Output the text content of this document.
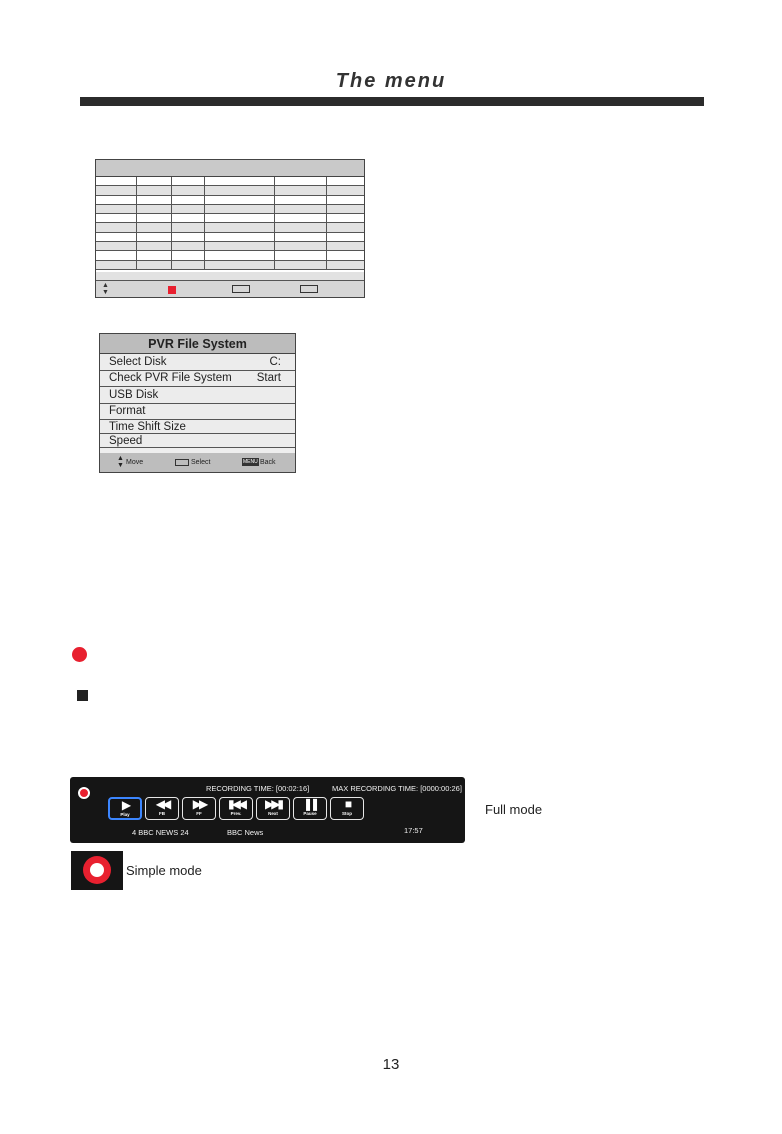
The menu
▲
▼
PVR File System
Select Disk	C:
Check PVR File System Start
USB Disk
Format
Time Shift Size
Speed
▲
▼ Move	Select	MENU Back
RECORDING TIME: [00:02:16]	MAX RECORDING TIME: [0000:00:26]
▶
Play
◀◀
FB
▶▶
FF
▮◀◀
Prev.
▶▶▮
Next
❚❚
Pause
■
Stop
4 BBC NEWS 24	BBC News	17:57
Full mode
Simple mode
13
